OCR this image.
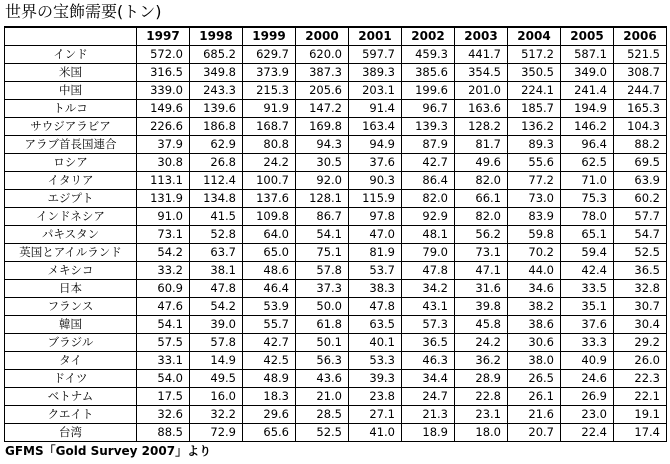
世界の宝飾需要(トン)
	1997	1998	1999	2000	2001	2002	2003	2004	2005	2006
インド	572.0	685.2	629.7	620.0	597.7	459.3	441.7	517.2	587.1	521.5
米国	316.5	349.8	373.9	387.3	389.3	385.6	354.5	350.5	349.0	308.7
中国	339.0	243.3	215.3	205.6	203.1	199.6	201.0	224.1	241.4	244.7
トルコ	149.6	139.6	91.9	147.2	91.4	96.7	163.6	185.7	194.9	165.3
サウジアラビア	226.6	186.8	168.7	169.8	163.4	139.3	128.2	136.2	146.2	104.3
アラブ首長国連合	37.9	62.9	80.8	94.3	94.9	87.9	81.7	89.3	96.4	88.2
ロシア	30.8	26.8	24.2	30.5	37.6	42.7	49.6	55.6	62.5	69.5
イタリア	113.1	112.4	100.7	92.0	90.3	86.4	82.0	77.2	71.0	63.9
エジプト	131.9	134.8	137.6	128.1	115.9	82.0	66.1	73.0	75.3	60.2
インドネシア	91.0	41.5	109.8	86.7	97.8	92.9	82.0	83.9	78.0	57.7
パキスタン	73.1	52.8	64.0	54.1	47.0	48.1	56.2	59.8	65.1	54.7
英国とアイルランド	54.2	63.7	65.0	75.1	81.9	79.0	73.1	70.2	59.4	52.5
メキシコ	33.2	38.1	48.6	57.8	53.7	47.8	47.1	44.0	42.4	36.5
日本	60.9	47.8	46.4	37.3	38.3	34.2	31.6	34.6	33.5	32.8
フランス	47.6	54.2	53.9	50.0	47.8	43.1	39.8	38.2	35.1	30.7
韓国	54.1	39.0	55.7	61.8	63.5	57.3	45.8	38.6	37.6	30.4
ブラジル	57.5	57.8	42.7	50.1	40.1	36.5	24.2	30.6	33.3	29.2
タイ	33.1	14.9	42.5	56.3	53.3	46.3	36.2	38.0	40.9	26.0
ドイツ	54.0	49.5	48.9	43.6	39.3	34.4	28.9	26.5	24.6	22.3
ベトナム	17.5	16.0	18.3	21.0	23.8	24.7	22.8	26.1	26.9	22.1
クエイト	32.6	32.2	29.6	28.5	27.1	21.3	23.1	21.6	23.0	19.1
台湾	88.5	72.9	65.6	52.5	41.0	18.9	18.0	20.7	22.4	17.4
GFMS「Gold Survey 2007」より
